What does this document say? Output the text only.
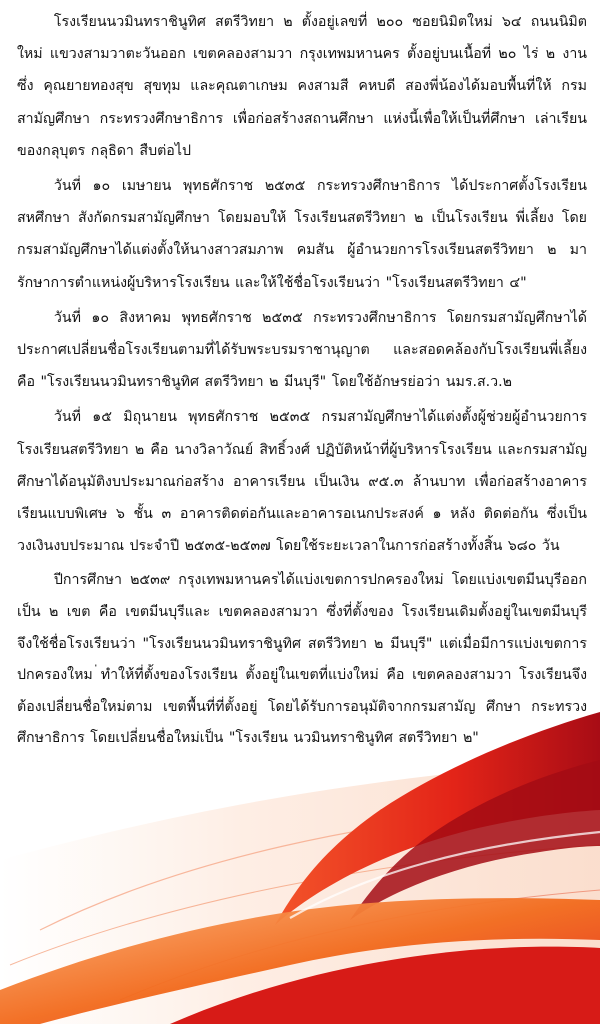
โรงเรียนนวมินทราชินูทิศ สตรีวิทยา ๒ ตั้งอยู่เลขที่ ๒๐๐ ซอยนิมิตใหม่ ๖๔ ถนนนิมิตใหม่ แขวงสามวาตะวันออก เขตคลองสามวา กรุงเทพมหานคร ตั้งอยู่บนเนื้อที่ ๒๐ ไร่ ๒ งาน ซึ่ง คุณยายทองสุข สุขทุม และคุณตาเกษม คงสามสี คหบดี สองพี่น้องได้มอบพื้นที่ให้ กรมสามัญศึกษา กระทรวงศึกษาธิการ เพื่อก่อสร้างสถานศึกษา แห่งนี้เพื่อให้เป็นที่ศึกษา เล่าเรียนของกลุบุตร กลุธิดา สืบต่อไป

วันที่ ๑๐ เมษายน พุทธศักราช ๒๕๓๕ กระทรวงศึกษาธิการ ได้ประกาศตั้งโรงเรียนสหศึกษา สังกัดกรมสามัญศึกษา โดยมอบให้ โรงเรียนสตรีวิทยา ๒ เป็นโรงเรียน พี่เลี้ยง โดยกรมสามัญศึกษาได้แต่งตั้งให้นางสาวสมภาพ คมสัน ผู้อำนวยการโรงเรียนสตรีวิทยา ๒ มารักษาการตำแหน่งผู้บริหารโรงเรียน และให้ใช้ชื่อโรงเรียนว่า "โรงเรียนสตรีวิทยา ๔"

วันที่ ๑๐ สิงหาคม พุทธศักราช ๒๕๓๕ กระทรวงศึกษาธิการ โดยกรมสามัญศึกษาได้ประกาศเปลี่ยนชื่อโรงเรียนตามที่ได้รับพระบรมราชานุญาต และสอดคล้องกับโรงเรียนพี่เลี้ยง คือ "โรงเรียนนวมินทราชินูทิศ สตรีวิทยา ๒ มีนบุรี" โดยใช้อักษรย่อว่า นมร.ส.ว.๒

วันที่ ๑๕ มิถุนายน พุทธศักราช ๒๕๓๕ กรมสามัญศึกษาได้แต่งตั้งผู้ช่วยผู้อำนวยการโรงเรียนสตรีวิทยา ๒ คือ นางวิลาวัณย์ สิทธิ์วงศ์ ปฏิบัติหน้าที่ผู้บริหารโรงเรียน และกรมสามัญศึกษาได้อนุมัติงบประมาณก่อสร้าง อาคารเรียน เป็นเงิน ๙๕.๓ ล้านบาท เพื่อก่อสร้างอาคารเรียนแบบพิเศษ ๖ ชั้น ๓ อาคารติดต่อกันและอาคารอเนกประสงค์ ๑ หลัง ติดต่อกัน ซึ่งเป็นวงเงินงบประมาณ ประจำปี ๒๕๓๕-๒๕๓๗ โดยใช้ระยะเวลาในการก่อสร้างทั้งสิ้น ๖๘๐ วัน

ปีการศึกษา ๒๕๓๙ กรุงเทพมหานครได้แบ่งเขตการปกครองใหม่ โดยแบ่งเขตมีนบุรีออกเป็น ๒ เขต คือ เขตมีนบุรีและ เขตคลองสามวา ซึ่งที่ตั้งของ โรงเรียนเดิมตั้งอยู่ในเขตมีนบุรี จึงใช้ชื่อโรงเรียนว่า "โรงเรียนนวมินทราชินูทิศ สตรีวิทยา ๒ มีนบุรี" แต่เมื่อมีการแบ่งเขตการปกครองใหม ่ทำให้ที่ตั้งของโรงเรียน ตั้งอยู่ในเขตที่แบ่งใหม่ คือ เขตคลองสามวา โรงเรียนจึงต้องเปลี่ยนชื่อใหม่ตาม เขตพื้นที่ที่ตั้งอยู่ โดยได้รับการอนุมัติจากกรมสามัญ ศึกษา กระทรวงศึกษาธิการ โดยเปลี่ยนชื่อใหม่เป็น "โรงเรียน นวมินทราชินูทิศ สตรีวิทยา ๒"
